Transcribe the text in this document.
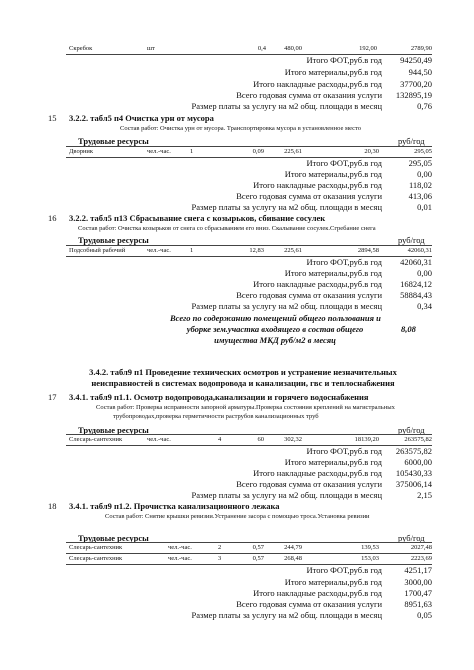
Скребок	шт	0,4	480,00	192,00	2789,90
Итого ФОТ,руб.в год 94250,49
Итого материалы,руб.в год	944,50
Итого накладные расходы,руб.в год 37700,20
Всего годовая сумма от оказания услуги 132895,19
Размер платы за услугу на м2 общ. площади в месяц	0,76
15 3.2.2. табл5 п4 Очистка урн от мусора
Состав работ: Очистка урн от мусора. Транспортировка мусора в установленное место
Трудовые ресурсы	руб/год
Дворник	чел.-час.	1	0,09	225,61	20,30	295,05
Итого ФОТ,руб.в год	295,05
Итого материалы,руб.в год	0,00
Итого накладные расходы,руб.в год	118,02
Всего годовая сумма от оказания услуги	413,06
Размер платы за услугу на м2 общ. площади в месяц	0,01
16 3.2.2. табл5 п13 Сбрасывание снега с козырьков, сбивание сосулек
Состав работ: Очистка козырьков от снега со сбрасыванием его вниз. Скалывание сосулек.Сгребание снега
Трудовые ресурсы	руб/год
Подсобный рабочий	чел.-час.	1	12,83	225,61	2894,58	42060,31
Итого ФОТ,руб.в год 42060,31
Итого материалы,руб.в год	0,00
Итого накладные расходы,руб.в год 16824,12
Всего годовая сумма от оказания услуги 58884,43
Размер платы за услугу на м2 общ. площади в месяц	0,34
Всего по содержанию помещений общего пользования и
уборке зем.участка входящего в состав общего
имущества МКД руб/м2 в месяц
8,08
3.4.2. табл9 п1 Проведение технических осмотров и устранение незначительных
неисправностей в системах водопровода и канализации, гвс и теплоснабжения
17 3.4.1. табл9 п1.1. Осмотр водопровода,канализации и горячего водоснабжения
Состав работ: Проверка исправности запорной арматуры.Проверка состояния креплений на магистральных
трубопроводах,проверка герметичности раструбов канализационных труб
Трудовые ресурсы	руб/год
Слесарь-сантехник	чел.-час.	4	60	302,32	18139,20	263575,82
Итого ФОТ,руб.в год 263575,82
Итого материалы,руб.в год	6000,00
Итого накладные расходы,руб.в год 105430,33
Всего годовая сумма от оказания услуги 375006,14
Размер платы за услугу на м2 общ. площади в месяц	2,15
18 3.4.1. табл9 п1.2. Прочистка канализационного лежака
Состав работ: Снятие крышки ревизии.Устранение засора с помощью троса.Установка ревизии
Трудовые ресурсы	руб/год
Слесарь-сантехник	чел.-час.	2	0,57	244,79	139,53	2027,48
Слесарь-сантехник	чел.-час.	3	0,57	268,48	153,03	2223,69
Итого ФОТ,руб.в год	4251,17
Итого материалы,руб.в год	3000,00
Итого накладные расходы,руб.в год	1700,47
Всего годовая сумма от оказания услуги	8951,63
Размер платы за услугу на м2 общ. площади в месяц	0,05
